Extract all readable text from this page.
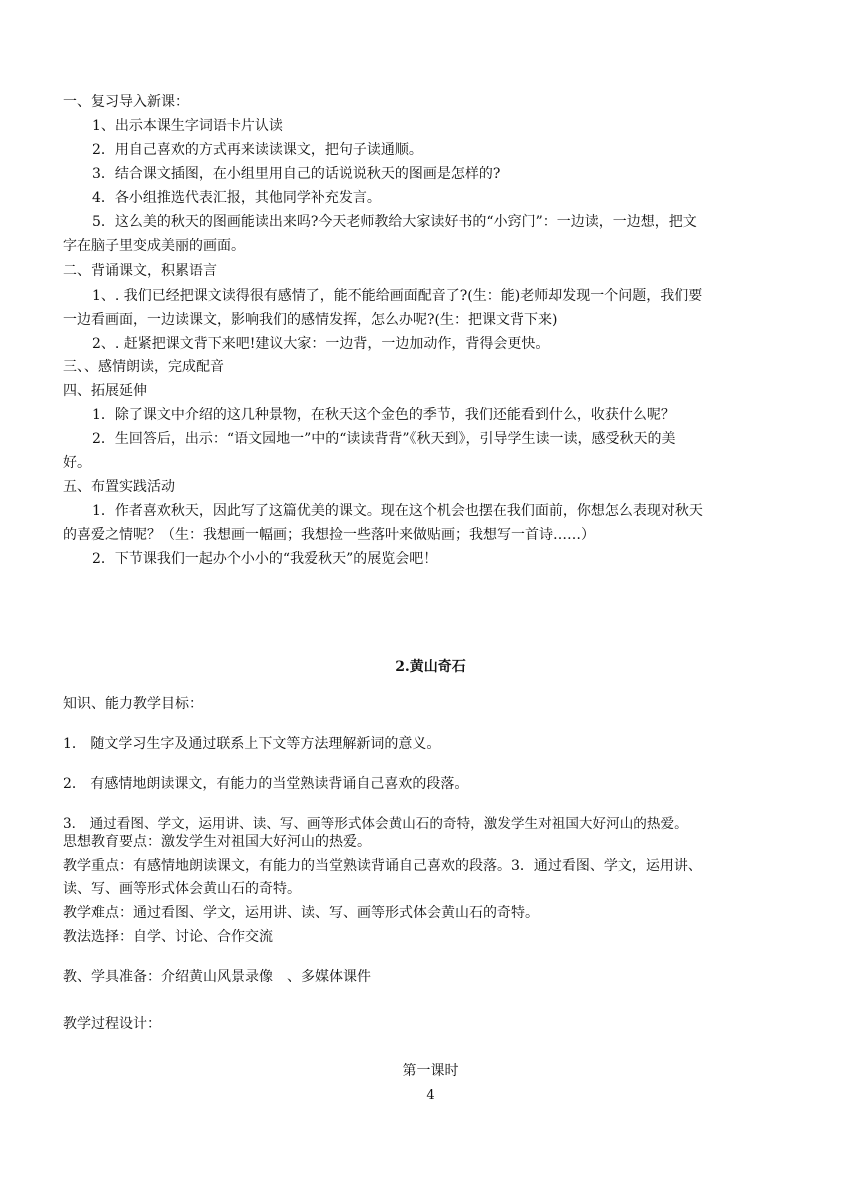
一、复习导入新课：
1、出示本课生字词语卡片认读
2．用自己喜欢的方式再来读读课文，把句子读通顺。
3．结合课文插图，在小组里用自己的话说说秋天的图画是怎样的?
4．各小组推选代表汇报，其他同学补充发言。
5．这么美的秋天的图画能读出来吗?今天老师教给大家读好书的“小窍门”：一边读，一边想，把文
字在脑子里变成美丽的画面。
二、背诵课文，积累语言
1、. 我们已经把课文读得很有感情了，能不能给画面配音了?(生：能)老师却发现一个问题，我们要
一边看画面，一边读课文，影响我们的感情发挥，怎么办呢?(生：把课文背下来)
2、. 赶紧把课文背下来吧!建议大家：一边背，一边加动作，背得会更快。
三、、感情朗读，完成配音
四、拓展延伸
1．除了课文中介绍的这几种景物，在秋天这个金色的季节，我们还能看到什么，收获什么呢？
2．生回答后，出示：“语文园地一”中的“读读背背”《秋天到》，引导学生读一读，感受秋天的美
好。
五、布置实践活动
1．作者喜欢秋天，因此写了这篇优美的课文。现在这个机会也摆在我们面前，你想怎么表现对秋天
的喜爱之情呢？（生：我想画一幅画；我想捡一些落叶来做贴画；我想写一首诗……）
2．下节课我们一起办个小小的“我爱秋天”的展览会吧！
2.黄山奇石
知识、能力教学目标：
1． 随文学习生字及通过联系上下文等方法理解新词的意义。
2． 有感情地朗读课文，有能力的当堂熟读背诵自己喜欢的段落。
3． 通过看图、学文，运用讲、读、写、画等形式体会黄山石的奇特，激发学生对祖国大好河山的热爱。
思想教育要点：激发学生对祖国大好河山的热爱。
教学重点：有感情地朗读课文，有能力的当堂熟读背诵自己喜欢的段落。3．通过看图、学文，运用讲、
读、写、画等形式体会黄山石的奇特。
教学难点：通过看图、学文，运用讲、读、写、画等形式体会黄山石的奇特。
教法选择：自学、讨论、合作交流
教、学具准备：介绍黄山风景录像　、多媒体课件
教学过程设计：
第一课时
4
